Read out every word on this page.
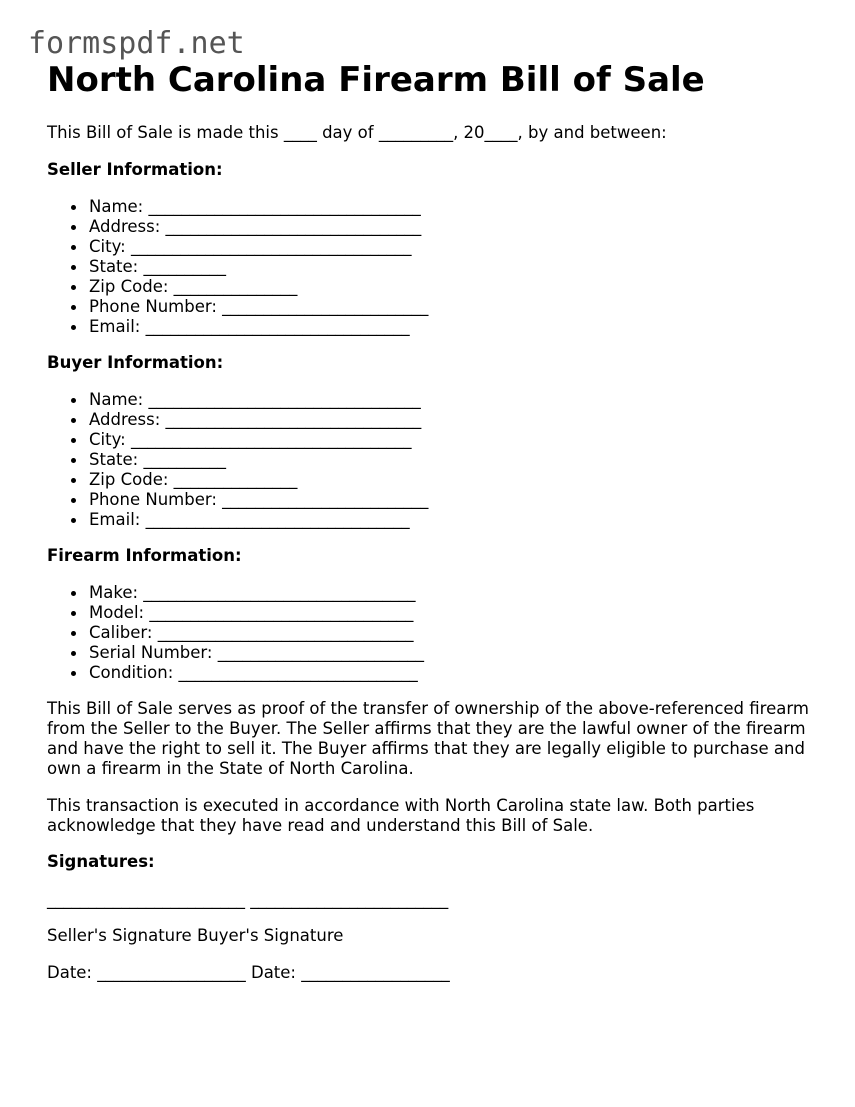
formspdf.net
North Carolina Firearm Bill of Sale
This Bill of Sale is made this ____ day of _________, 20____, by and between:
Seller Information:
Name: _________________________________
Address: _______________________________
City: __________________________________
State: __________
Zip Code: _______________
Phone Number: _________________________
Email: ________________________________
Buyer Information:
Name: _________________________________
Address: _______________________________
City: __________________________________
State: __________
Zip Code: _______________
Phone Number: _________________________
Email: ________________________________
Firearm Information:
Make: _________________________________
Model: ________________________________
Caliber: _______________________________
Serial Number: _________________________
Condition: _____________________________

This Bill of Sale serves as proof of the transfer of ownership of the above-referenced firearm from the Seller to the Buyer. The Seller affirms that they are the lawful owner of the firearm and have the right to sell it. The Buyer affirms that they are legally eligible to purchase and own a firearm in the State of North Carolina.

This transaction is executed in accordance with North Carolina state law. Both parties acknowledge that they have read and understand this Bill of Sale.

Signatures:
________________________ ________________________
Seller's Signature Buyer's Signature
Date: __________________ Date: __________________
